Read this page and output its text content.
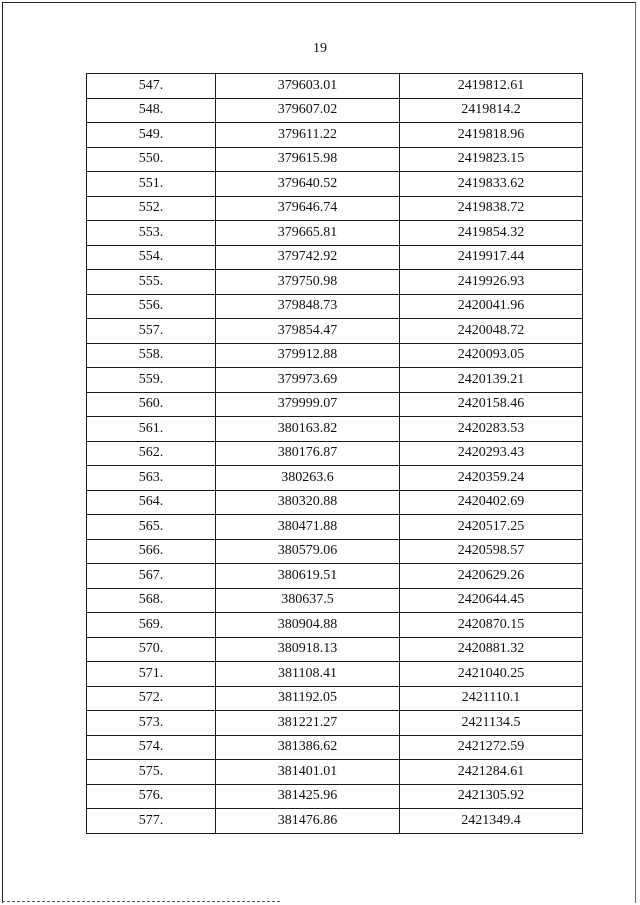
19
547.	379603.01	2419812.61
548.	379607.02	2419814.2
549.	379611.22	2419818.96
550.	379615.98	2419823.15
551.	379640.52	2419833.62
552.	379646.74	2419838.72
553.	379665.81	2419854.32
554.	379742.92	2419917.44
555.	379750.98	2419926.93
556.	379848.73	2420041.96
557.	379854.47	2420048.72
558.	379912.88	2420093.05
559.	379973.69	2420139.21
560.	379999.07	2420158.46
561.	380163.82	2420283.53
562.	380176.87	2420293.43
563.	380263.6	2420359.24
564.	380320.88	2420402.69
565.	380471.88	2420517.25
566.	380579.06	2420598.57
567.	380619.51	2420629.26
568.	380637.5	2420644.45
569.	380904.88	2420870.15
570.	380918.13	2420881.32
571.	381108.41	2421040.25
572.	381192.05	2421110.1
573.	381221.27	2421134.5
574.	381386.62	2421272.59
575.	381401.01	2421284.61
576.	381425.96	2421305.92
577.	381476.86	2421349.4
